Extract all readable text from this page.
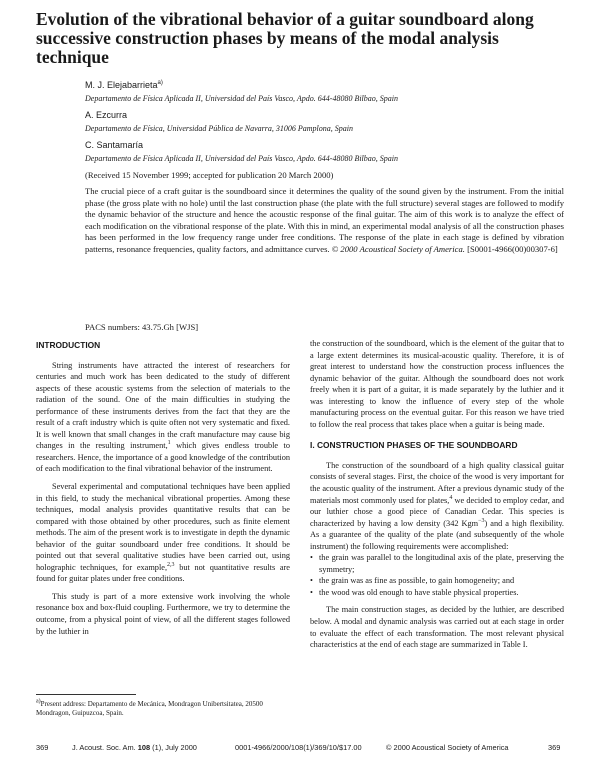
Evolution of the vibrational behavior of a guitar soundboard along successive construction phases by means of the modal analysis technique
M. J. Elejabarrieta$^{a)}$
Departamento de Física Aplicada II, Universidad del País Vasco, Apdo. 644-48080 Bilbao, Spain
A. Ezcurra
Departamento de Física, Universidad Pública de Navarra, 31006 Pamplona, Spain
C. Santamaría
Departamento de Física Aplicada II, Universidad del País Vasco, Apdo. 644-48080 Bilbao, Spain
(Received 15 November 1999; accepted for publication 20 March 2000)

The crucial piece of a craft guitar is the soundboard since it determines the quality of the sound given by the instrument. From the initial phase (the gross plate with no hole) until the last construction phase (the plate with the full structure) several stages are followed to modify the dynamic behavior of the structure and hence the acoustic response of the final guitar. The aim of this work is to analyze the effect of each modification on the vibrational response of the plate. With this in mind, an experimental modal analysis of all the construction phases has been performed in the low frequency range under free conditions. The response of the plate in each stage is defined by vibration patterns, resonance frequencies, quality factors, and admittance curves. © 2000 Acoustical Society of America. [S0001-4966(00)00307-6]

PACS numbers: 43.75.Gh [WJS]
INTRODUCTION

String instruments have attracted the interest of researchers for centuries and much work has been dedicated to the study of different aspects of these acoustic systems from the selection of materials to the radiation of the sound. One of the main difficulties in studying the performance of these instruments derives from the fact that they are the result of a craft industry which is quite often not very systematic and fixed. It is well known that small changes in the craft manufacture may cause big changes in the resulting instrument,$^1$ which gives endless trouble to researchers. Hence, the importance of a good knowledge of the contribution of each modification to the final vibrational behavior of the instrument.

Several experimental and computational techniques have been applied in this field, to study the mechanical vibrational properties. Among these techniques, modal analysis provides quantitative results that can be compared with those obtained by other procedures, such as finite element methods. The aim of the present work is to investigate in depth the dynamic behavior of the guitar soundboard under free conditions. It should be pointed out that several qualitative studies have been carried out, using holographic techniques, for example,$^{2,3}$ but not quantitative results are found for guitar plates under free conditions.

This study is part of a more extensive work involving the whole resonance box and box-fluid coupling. Furthermore, we try to determine the outcome, from a physical point of view, of all the different stages followed by the luthier in

the construction of the soundboard, which is the element of the guitar that to a large extent determines its musical-acoustic quality. Therefore, it is of great interest to understand how the construction process influences the dynamic behavior of the guitar. Although the soundboard does not work freely when it is part of a guitar, it is made separately by the luthier and it was interesting to know the influence of every step of the whole manufacturing process on the eventual guitar. For this reason we have tried to follow the real process that takes place when a guitar is being made.

I. CONSTRUCTION PHASES OF THE SOUNDBOARD

The construction of the soundboard of a high quality classical guitar consists of several stages. First, the choice of the wood is very important for the acoustic quality of the instrument. After a previous dynamic study of the materials most commonly used for plates,$^4$ we decided to employ cedar, and our luthier chose a good piece of Canadian Cedar. This species is characterized by having a low density (342 Kgm$^{-3}$) and a high flexibility. As a guarantee of the quality of the plate (and subsequently of the whole instrument) the following requirements were accomplished:

• the grain was parallel to the longitudinal axis of the plate, preserving the symmetry;
• the grain was as fine as possible, to gain homogeneity; and
• the wood was old enough to have stable physical properties.

The main construction stages, as decided by the luthier, are described below. A modal and dynamic analysis was carried out at each stage in order to evaluate the effect of each transformation. The most relevant physical characteristics at the end of each stage are summarized in Table I.

$^{a)}$Present address: Departamento de Mecánica, Mondragon Unibertsitatea, 20500 Mondragon, Guipuzcoa, Spain.
369	J. Acoust. Soc. Am. 108 (1), July 2000	0001-4966/2000/108(1)/369/10/$17.00	© 2000 Acoustical Society of America	369
